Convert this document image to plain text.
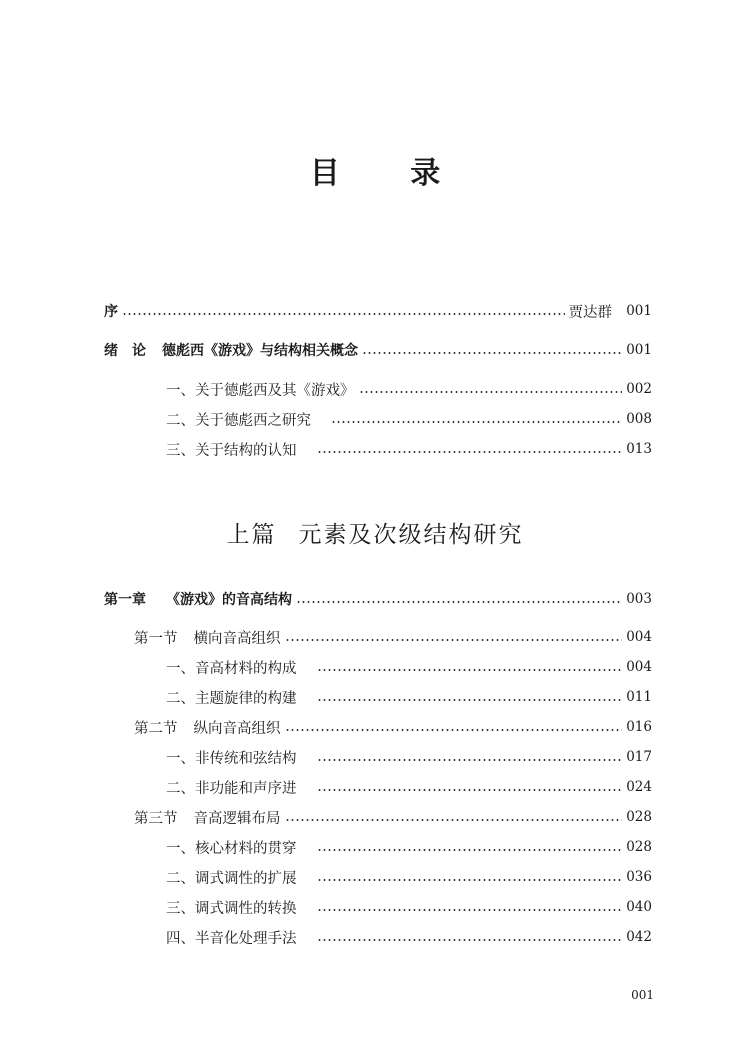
目 录
序	贾达群 001
绪　论 德彪西《游戏》与结构相关概念	001
一、关于德彪西及其《游戏》	002
二、关于德彪西之研究	008
三、关于结构的认知	013
上篇 元素及次级结构研究
第一章 《游戏》的音高结构	003
第一节 横向音高组织	004
一、音高材料的构成	004
二、主题旋律的构建	011
第二节 纵向音高组织	016
一、非传统和弦结构	017
二、非功能和声序进	024
第三节 音高逻辑布局	028
一、核心材料的贯穿	028
二、调式调性的扩展	036
三、调式调性的转换	040
四、半音化处理手法	042
001
